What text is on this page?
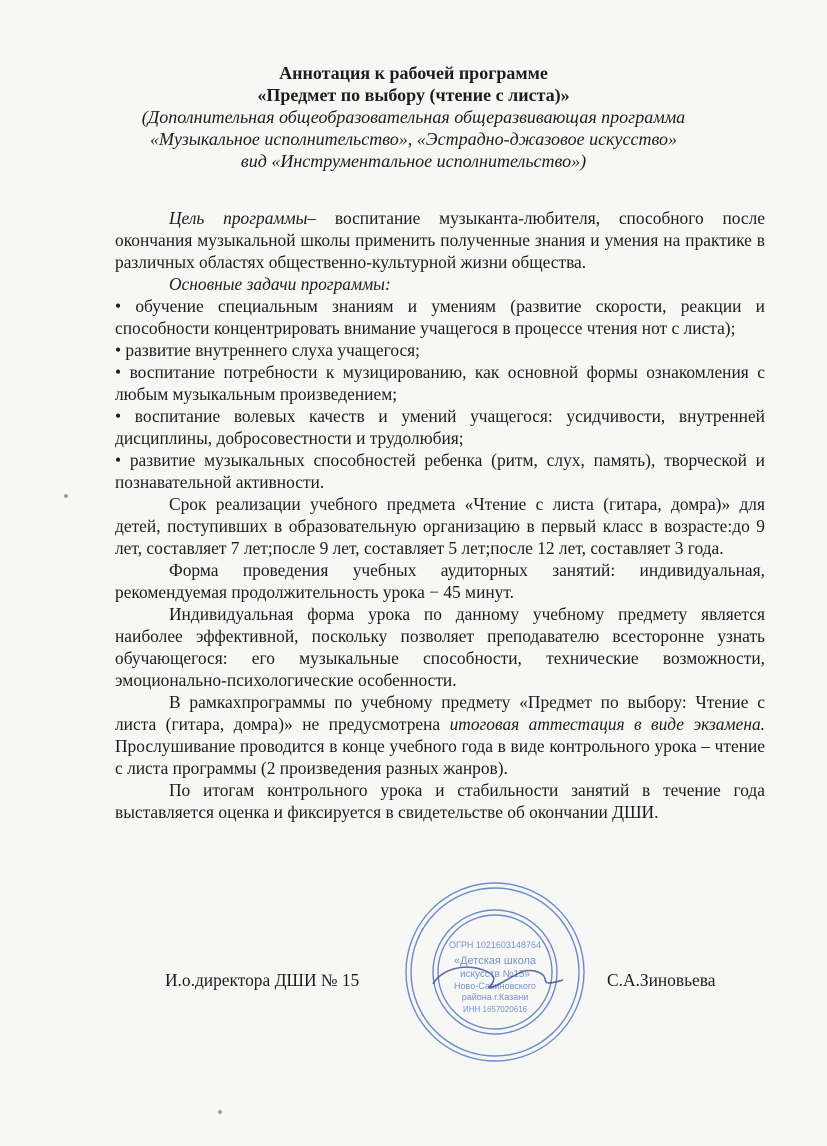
Аннотация к рабочей программе
«Предмет по выбору (чтение с листа)»
(Дополнительная общеобразовательная общеразвивающая программа
«Музыкальное исполнительство», «Эстрадно-джазовое искусство»
вид «Инструментальное исполнительство»)

Цель программы– воспитание музыканта-любителя, способного после окончания музыкальной школы применить полученные знания и умения на практике в различных областях общественно-культурной жизни общества.

Основные задачи программы:

• обучение специальным знаниям и умениям (развитие скорости, реакции и способности концентрировать внимание учащегося в процессе чтения нот с листа);

• развитие внутреннего слуха учащегося;

• воспитание потребности к музицированию, как основной формы ознакомления с любым музыкальным произведением;

• воспитание волевых качеств и умений учащегося: усидчивости, внутренней дисциплины, добросовестности и трудолюбия;

• развитие музыкальных способностей ребенка (ритм, слух, память), творческой и познавательной активности.

Срок реализации учебного предмета «Чтение с листа (гитара, домра)» для детей, поступивших в образовательную организацию в первый класс в возрасте:до 9 лет, составляет 7 лет;после 9 лет, составляет 5 лет;после 12 лет, составляет 3 года.

Форма проведения учебных аудиторных занятий: индивидуальная, рекомендуемая продолжительность урока − 45 минут.

Индивидуальная форма урока по данному учебному предмету является наиболее эффективной, поскольку позволяет преподавателю всесторонне узнать обучающегося: его музыкальные способности, технические возможности, эмоционально-психологические особенности.

В рамкахпрограммы по учебному предмету «Предмет по выбору: Чтение с листа (гитара, домра)» не предусмотрена итоговая аттестация в виде экзамена. Прослушивание проводится в конце учебного года в виде контрольного урока – чтение с листа программы (2 произведения разных жанров).

По итогам контрольного урока и стабильности занятий в течение года выставляется оценка и фиксируется в свидетельстве об окончании ДШИ.

ОГРН 1021603148764
«Детская школа
искусств №15»
Ново-Савиновского
района г.Казани
ИНН 1657020616
И.о.директора ДШИ № 15	С.А.Зиновьева
